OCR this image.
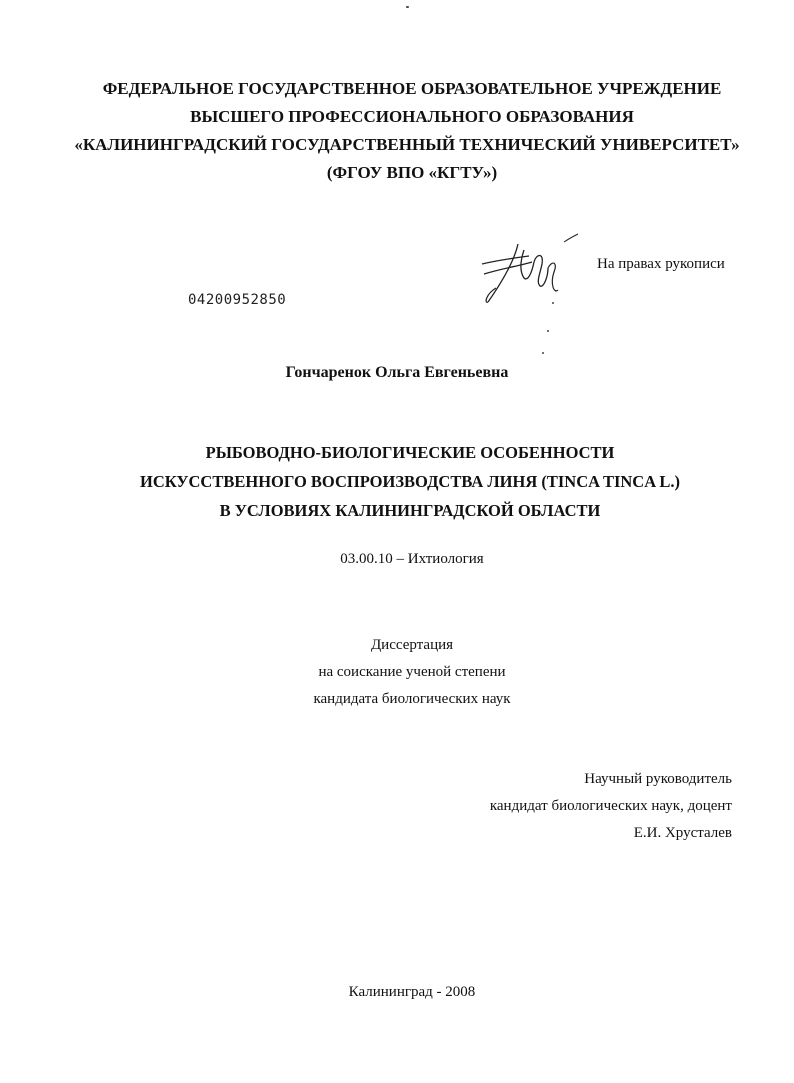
ФЕДЕРАЛЬНОЕ ГОСУДАРСТВЕННОЕ ОБРАЗОВАТЕЛЬНОЕ УЧРЕЖДЕНИЕ
ВЫСШЕГО ПРОФЕССИОНАЛЬНОГО ОБРАЗОВАНИЯ
«КАЛИНИНГРАДСКИЙ ГОСУДАРСТВЕННЫЙ ТЕХНИЧЕСКИЙ УНИВЕРСИТЕТ»
(ФГОУ ВПО «КГТУ»)
На правах рукописи
04200952850
Гончаренок Ольга Евгеньевна
РЫБОВОДНО-БИОЛОГИЧЕСКИЕ ОСОБЕННОСТИ
ИСКУССТВЕННОГО ВОСПРОИЗВОДСТВА ЛИНЯ (TINCA TINCA L.)
В УСЛОВИЯХ КАЛИНИНГРАДСКОЙ ОБЛАСТИ
03.00.10 – Ихтиология
Диссертация
на соискание ученой степени
кандидата биологических наук
Научный руководитель
кандидат биологических наук, доцент
Е.И. Хрусталев
Калининград - 2008
